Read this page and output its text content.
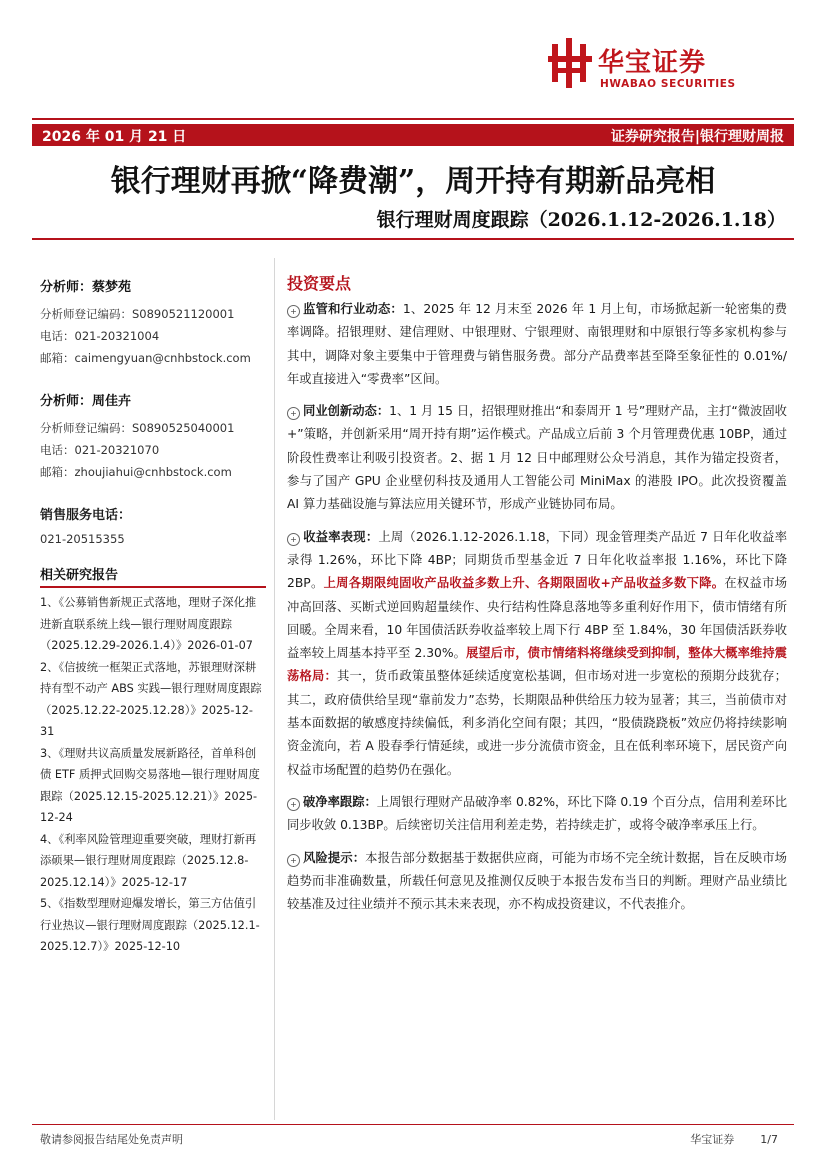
华宝证券
HWABAO SECURITIES
2026 年 01 月 21 日	证券研究报告|银行理财周报
银行理财再掀“降费潮”，周开持有期新品亮相
银行理财周度跟踪（2026.1.12-2026.1.18）
分析师：蔡梦苑
分析师登记编码：S0890521120001
电话：021-20321004
邮箱：caimengyuan@cnhbstock.com
分析师：周佳卉
分析师登记编码：S0890525040001
电话：021-20321070
邮箱：zhoujiahui@cnhbstock.com
销售服务电话：
021-20515355
相关研究报告
1、《公募销售新规正式落地，理财子深化推进新直联系统上线—银行理财周度跟踪（2025.12.29-2026.1.4）》2026-01-07
2、《信披统一框架正式落地，苏银理财深耕持有型不动产 ABS 实践—银行理财周度跟踪（2025.12.22-2025.12.28）》2025-12-31
3、《理财共议高质量发展新路径，首单科创债 ETF 质押式回购交易落地—银行理财周度跟踪（2025.12.15-2025.12.21）》2025-12-24
4、《利率风险管理迎重要突破，理财打新再添硕果—银行理财周度跟踪（2025.12.8-2025.12.14）》2025-12-17
5、《指数型理财迎爆发增长，第三方估值引行业热议—银行理财周度跟踪（2025.12.1-2025.12.7）》2025-12-10
投资要点
+ 监管和行业动态：1、2025 年 12 月末至 2026 年 1 月上旬，市场掀起新一轮密集的费率调降。招银理财、建信理财、中银理财、宁银理财、南银理财和中原银行等多家机构参与其中，调降对象主要集中于管理费与销售服务费。部分产品费率甚至降至象征性的 0.01%/年或直接进入“零费率”区间。
+ 同业创新动态：1、1 月 15 日，招银理财推出“和泰周开 1 号”理财产品，主打“微波固收+”策略，并创新采用“周开持有期”运作模式。产品成立后前 3 个月管理费优惠 10BP，通过阶段性费率让利吸引投资者。2、据 1 月 12 日中邮理财公众号消息，其作为锚定投资者，参与了国产 GPU 企业壁仞科技及通用人工智能公司 MiniMax 的港股 IPO。此次投资覆盖 AI 算力基础设施与算法应用关键环节，形成产业链协同布局。
+ 收益率表现：上周（2026.1.12-2026.1.18，下同）现金管理类产品近 7 日年化收益率录得 1.26%，环比下降 4BP；同期货币型基金近 7 日年化收益率报 1.16%，环比下降 2BP。上周各期限纯固收产品收益多数上升、各期限固收+产品收益多数下降。在权益市场冲高回落、买断式逆回购超量续作、央行结构性降息落地等多重利好作用下，债市情绪有所回暖。全周来看，10 年国债活跃券收益率较上周下行 4BP 至 1.84%，30 年国债活跃券收益率较上周基本持平至 2.30%。展望后市，债市情绪料将继续受到抑制，整体大概率维持震荡格局：其一，货币政策虽整体延续适度宽松基调，但市场对进一步宽松的预期分歧犹存；其二，政府债供给呈现“靠前发力”态势，长期限品种供给压力较为显著；其三，当前债市对基本面数据的敏感度持续偏低，利多消化空间有限；其四，“股债跷跷板”效应仍将持续影响资金流向，若 A 股春季行情延续，或进一步分流债市资金，且在低利率环境下，居民资产向权益市场配置的趋势仍在强化。
+ 破净率跟踪：上周银行理财产品破净率 0.82%，环比下降 0.19 个百分点，信用利差环比同步收敛 0.13BP。后续密切关注信用利差走势，若持续走扩，或将令破净率承压上行。
+ 风险提示：本报告部分数据基于数据供应商，可能为市场不完全统计数据，旨在反映市场趋势而非准确数量，所载任何意见及推测仅反映于本报告发布当日的判断。理财产品业绩比较基准及过往业绩并不预示其未来表现，亦不构成投资建议，不代表推介。
敬请参阅报告结尾处免责声明	华宝证券 1/7
